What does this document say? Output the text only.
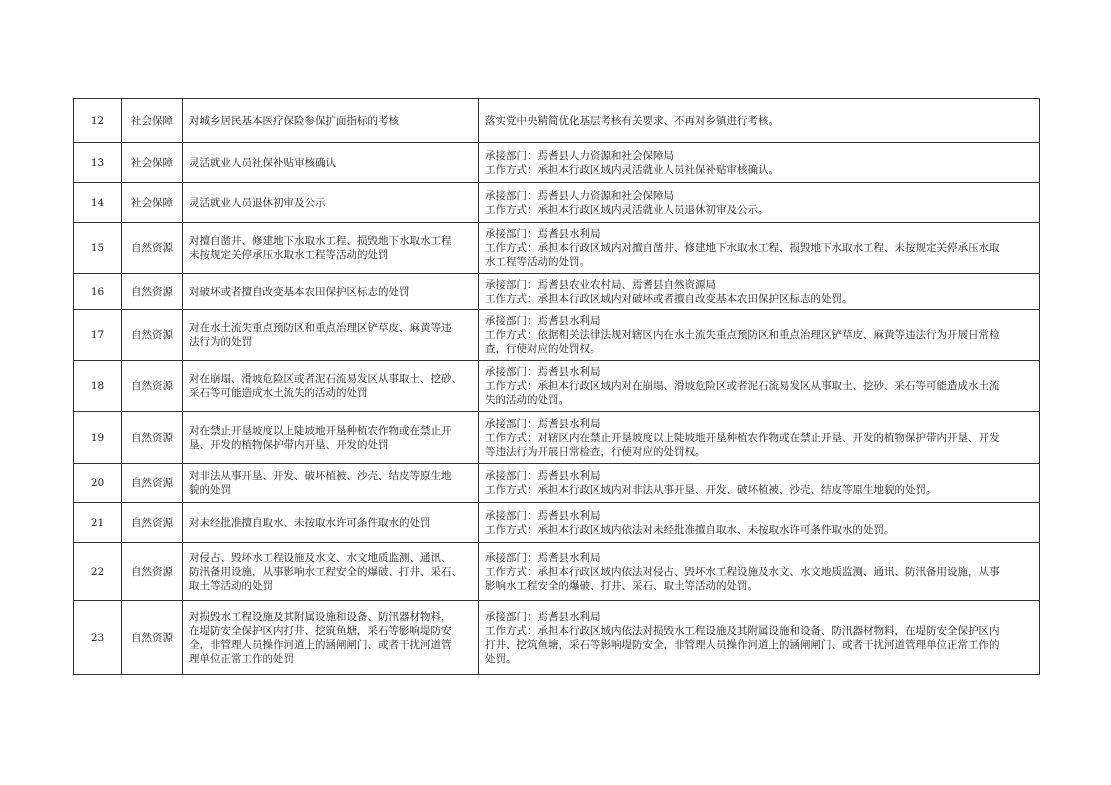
12	社会保障	对城乡居民基本医疗保险参保扩面指标的考核	落实党中央精简优化基层考核有关要求、不再对乡镇进行考核。

13	社会保障	灵活就业人员社保补贴审核确认	承接部门：焉耆县人力资源和社会保障局
工作方式：承担本行政区域内灵活就业人员社保补贴审核确认。

14	社会保障	灵活就业人员退休初审及公示	承接部门：焉耆县人力资源和社会保障局
工作方式：承担本行政区域内灵活就业人员退休初审及公示。

15	自然资源	对擅自凿井、修建地下水取水工程、损毁地下水取水工程
未按规定关停承压水取水工程等活动的处罚	承接部门：焉耆县水利局
工作方式：承担本行政区域内对擅自凿井、修建地下水取水工程、损毁地下水取水工程、未按规定关停承压水取
水工程等活动的处罚。

16	自然资源	对破坏或者擅自改变基本农田保护区标志的处罚	承接部门：焉耆县农业农村局、焉耆县自然资源局
工作方式：承担本行政区域内对破坏或者擅自改变基本农田保护区标志的处罚。

17	自然资源	对在水土流失重点预防区和重点治理区铲草皮、麻黄等违
法行为的处罚	承接部门：焉耆县水利局
工作方式：依据相关法律法规对辖区内在水土流失重点预防区和重点治理区铲草皮、麻黄等违法行为开展日常检
查，行使对应的处罚权。

18	自然资源	对在崩塌、滑坡危险区或者泥石流易发区从事取土、挖砂、
采石等可能造成水土流失的活动的处罚	承接部门：焉耆县水利局
工作方式：承担本行政区域内对在崩塌、滑坡危险区或者泥石流易发区从事取土、挖砂、采石等可能造成水土流
失的活动的处罚。

19	自然资源	对在禁止开垦坡度以上陡坡地开垦种植农作物或在禁止开
垦、开发的植物保护带内开垦、开发的处罚	承接部门：焉耆县水利局
工作方式：对辖区内在禁止开垦坡度以上陡坡地开垦种植农作物或在禁止开垦、开发的植物保护带内开垦、开发
等违法行为开展日常检查，行使对应的处罚权。

20	自然资源	对非法从事开垦、开发、破坏植被、沙壳、结皮等原生地
貌的处罚	承接部门：焉耆县水利局
工作方式：承担本行政区域内对非法从事开垦、开发、破坏植被、沙壳、结皮等原生地貌的处罚。

21	自然资源	对未经批准擅自取水、未按取水许可条件取水的处罚	承接部门：焉耆县水利局
工作方式：承担本行政区域内依法对未经批准擅自取水、未按取水许可条件取水的处罚。

22	自然资源	对侵占、毁坏水工程设施及水文、水文地质监测、通讯、
防汛备用设施，从事影响水工程安全的爆破、打井、采石、
取土等活动的处罚	承接部门：焉耆县水利局
工作方式：承担本行政区域内依法对侵占、毁坏水工程设施及水文、水文地质监测、通讯、防汛备用设施，从事
影响水工程安全的爆破、打井、采石、取土等活动的处罚。

23	自然资源	对损毁水工程设施及其附属设施和设备、防汛器材物料，
在堤防安全保护区内打井、挖筑鱼塘，采石等影响堤防安
全，非管理人员操作河道上的涵闸闸门、或者干扰河道管
理单位正常工作的处罚	承接部门：焉耆县水利局
工作方式：承担本行政区域内依法对损毁水工程设施及其附属设施和设备、防汛器材物料，在堤防安全保护区内
打井、挖筑鱼塘，采石等影响堤防安全，非管理人员操作河道上的涵闸闸门、或者干扰河道管理单位正常工作的
处罚。
